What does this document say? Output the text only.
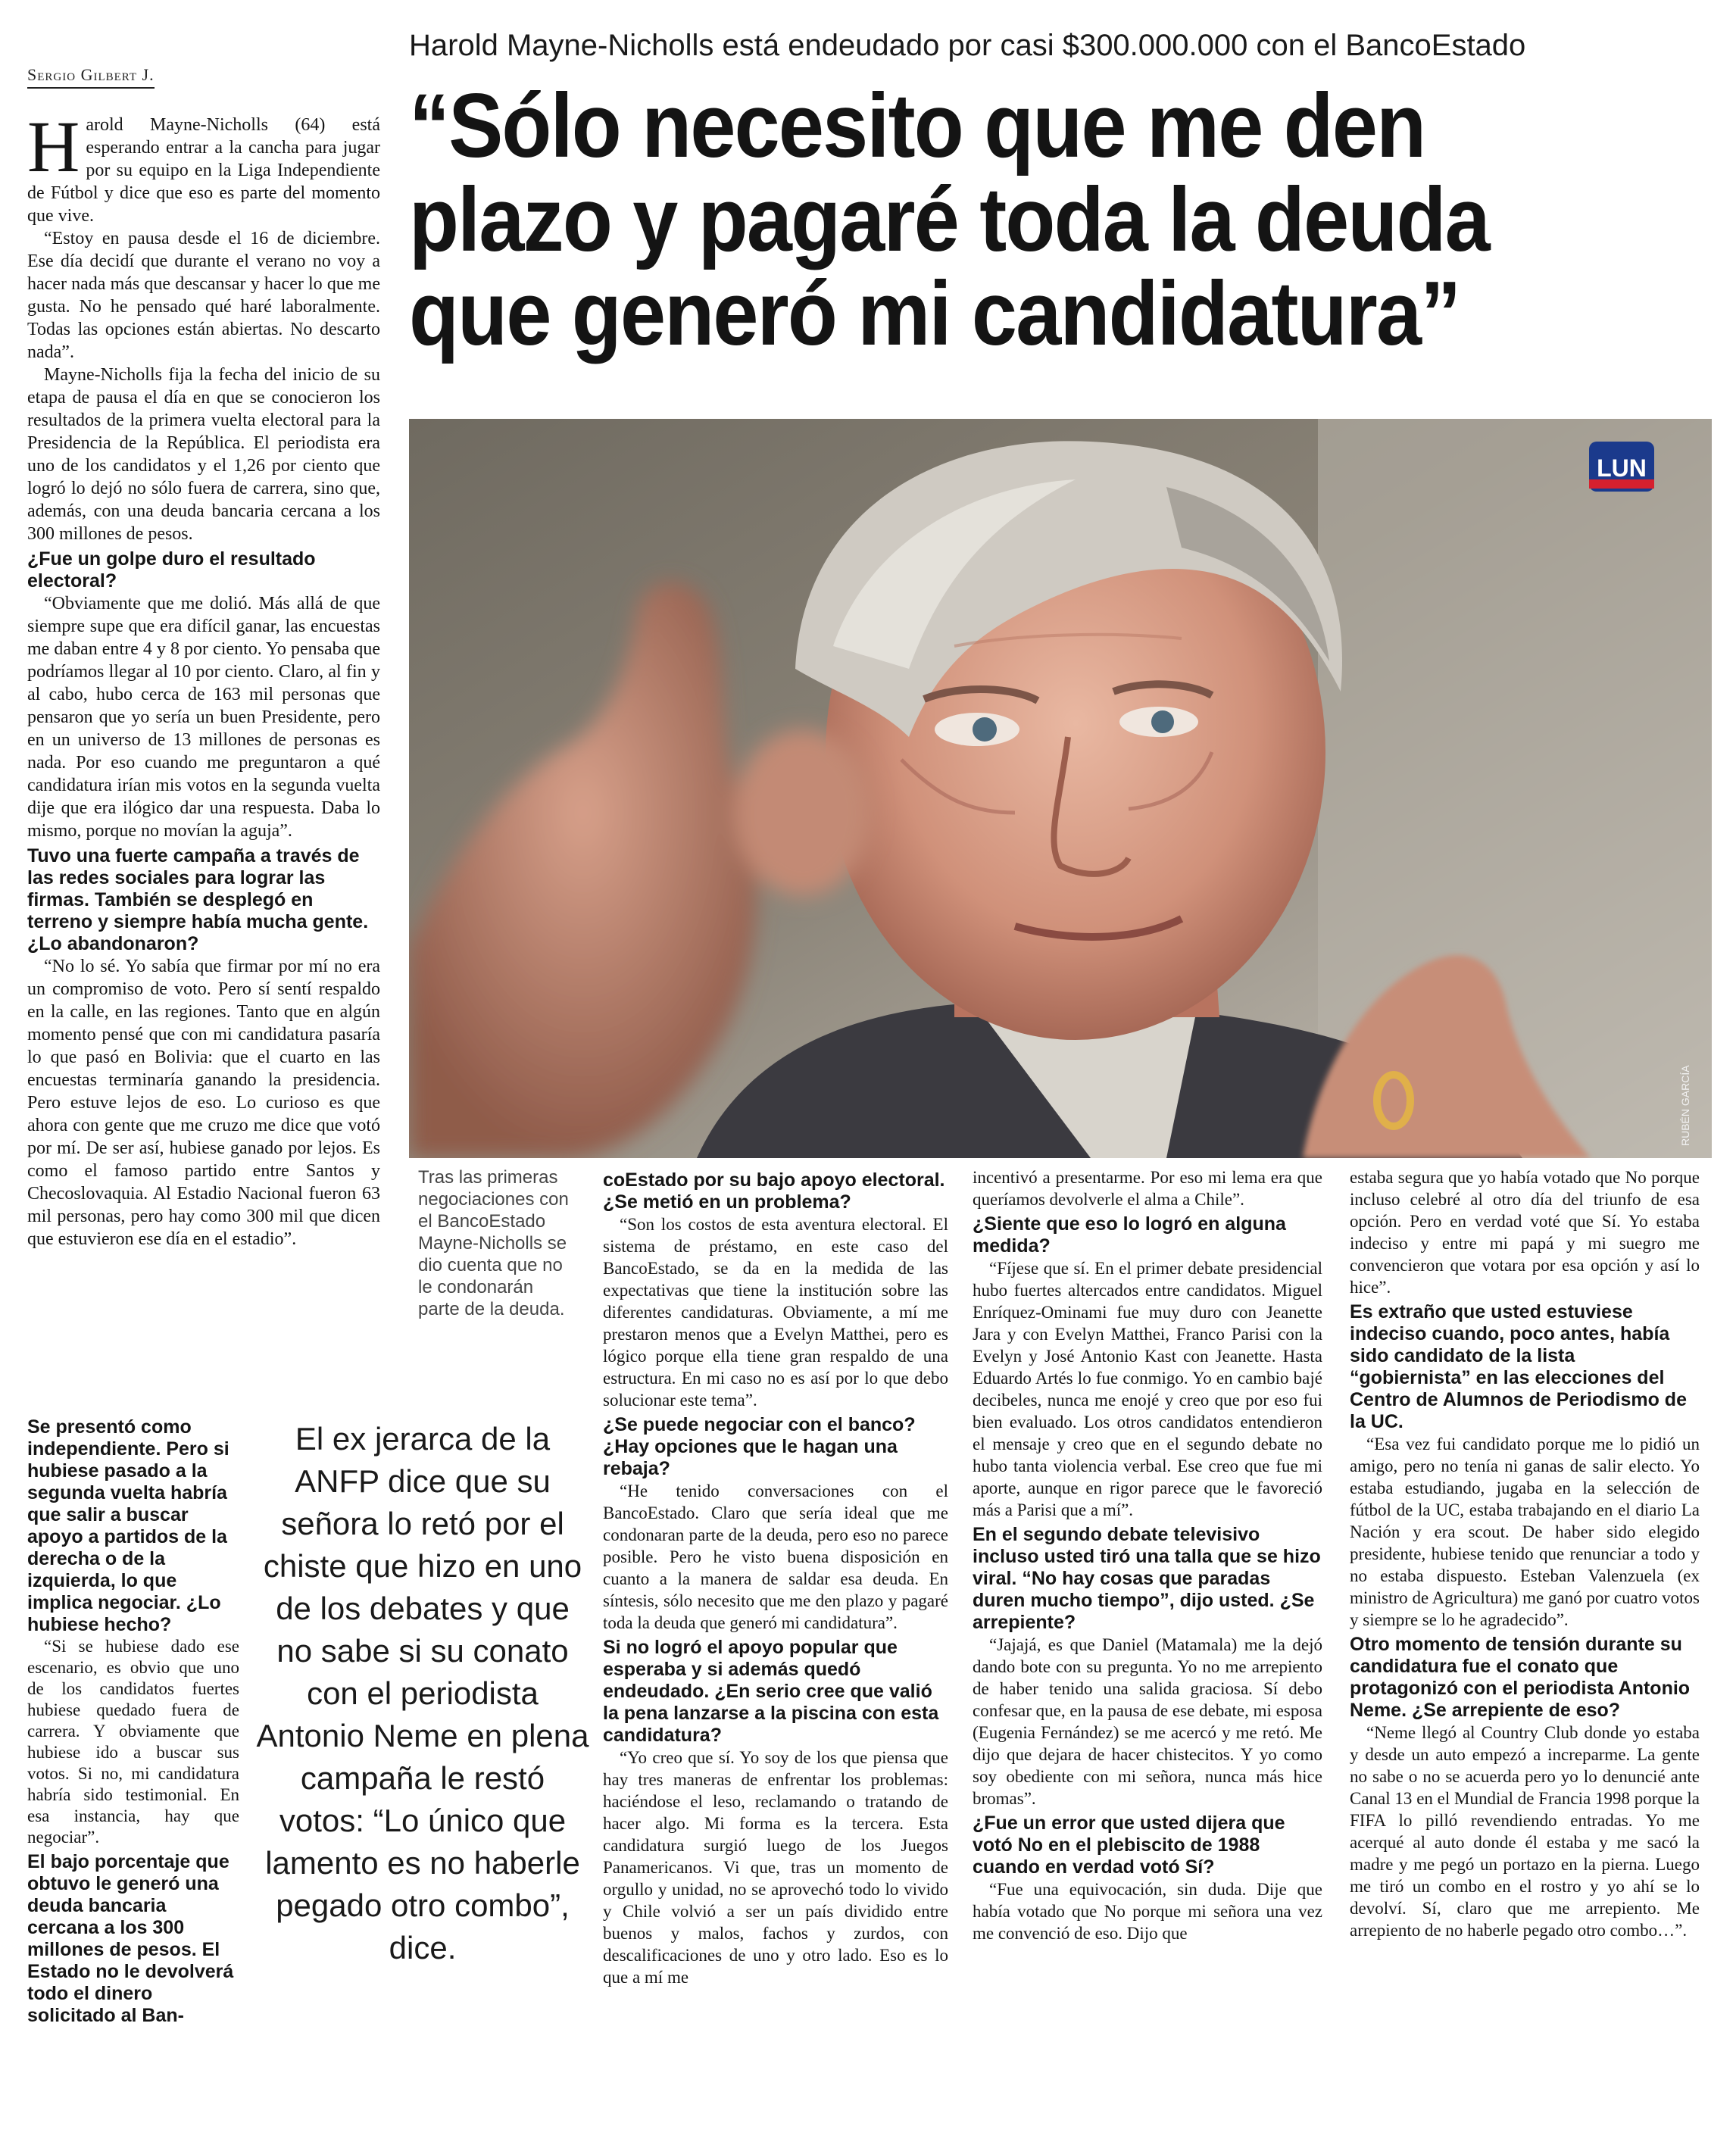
Sergio Gilbert J.
Harold Mayne-Nicholls está endeudado por casi $300.000.000 con el BancoEstado
“Sólo necesito que me den
plazo y pagaré toda la deuda
que generó mi candidatura”
LUN
RUBÉN GARCÍA

Harold Mayne-Nicholls (64) está esperando entrar a la cancha para jugar por su equipo en la Liga Independiente de Fútbol y dice que eso es parte del momento que vive.

“Estoy en pausa desde el 16 de diciembre. Ese día decidí que durante el verano no voy a hacer nada más que descansar y hacer lo que me gusta. No he pensado qué haré laboralmente. Todas las opciones están abiertas. No descarto nada”.

Mayne-Nicholls fija la fecha del inicio de su etapa de pausa el día en que se conocieron los resultados de la primera vuelta electoral para la Presidencia de la República. El periodista era uno de los candidatos y el 1,26 por ciento que logró lo dejó no sólo fuera de carrera, sino que, además, con una deuda bancaria cercana a los 300 millones de pesos.

¿Fue un golpe duro el resultado electoral?

“Obviamente que me dolió. Más allá de que siempre supe que era difícil ganar, las encuestas me daban entre 4 y 8 por ciento. Yo pensaba que podríamos llegar al 10 por ciento. Claro, al fin y al cabo, hubo cerca de 163 mil personas que pensaron que yo sería un buen Presidente, pero en un universo de 13 millones de personas es nada. Por eso cuando me preguntaron a qué candidatura irían mis votos en la segunda vuelta dije que era ilógico dar una respuesta. Daba lo mismo, porque no movían la aguja”.

Tuvo una fuerte campaña a través de las redes sociales para lograr las firmas. También se desplegó en terreno y siempre había mucha gente. ¿Lo abandonaron?

“No lo sé. Yo sabía que firmar por mí no era un compromiso de voto. Pero sí sentí respaldo en la calle, en las regiones. Tanto que en algún momento pensé que con mi candidatura pasaría lo que pasó en Bolivia: que el cuarto en las encuestas terminaría ganando la presidencia. Pero estuve lejos de eso. Lo curioso es que ahora con gente que me cruzo me dice que votó por mí. De ser así, hubiese ganado por lejos. Es como el famoso partido entre Santos y Checoslovaquia. Al Estadio Nacional fueron 63 mil personas, pero hay como 300 mil que dicen que estuvieron ese día en el estadio”.

Se presentó como independiente. Pero si hubiese pasado a la segunda vuelta habría que salir a buscar apoyo a partidos de la derecha o de la izquierda, lo que implica negociar. ¿Lo hubiese hecho?

“Si se hubiese dado ese escenario, es obvio que uno de los candidatos fuertes hubiese quedado fuera de carrera. Y obviamente que hubiese ido a buscar sus votos. Si no, mi candidatura habría sido testimonial. En esa instancia, hay que negociar”.

El bajo porcentaje que obtuvo le generó una deuda bancaria cercana a los 300 millones de pesos. El Estado no le devolverá todo el dinero solicitado al Ban-

Tras las primeras negociaciones con el BancoEstado Mayne-Nicholls se dio cuenta que no le condonarán parte de la deuda.
El ex jerarca de la ANFP dice que su señora lo retó por el chiste que hizo en uno de los debates y que no sabe si su conato con el periodista Antonio Neme en plena campaña le restó votos: “Lo único que lamento es no haberle pegado otro combo”, dice.

coEstado por su bajo apoyo electoral. ¿Se metió en un problema?

“Son los costos de esta aventura electoral. El sistema de préstamo, en este caso del BancoEstado, se da en la medida de las expectativas que tiene la institución sobre las diferentes candidaturas. Obviamente, a mí me prestaron menos que a Evelyn Matthei, pero es lógico porque ella tiene gran respaldo de una estructura. En mi caso no es así por lo que debo solucionar este tema”.

¿Se puede negociar con el banco? ¿Hay opciones que le hagan una rebaja?

“He tenido conversaciones con el BancoEstado. Claro que sería ideal que me condonaran parte de la deuda, pero eso no parece posible. Pero he visto buena disposición en cuanto a la manera de saldar esa deuda. En síntesis, sólo necesito que me den plazo y pagaré toda la deuda que generó mi candidatura”.

Si no logró el apoyo popular que esperaba y si además quedó endeudado. ¿En serio cree que valió la pena lanzarse a la piscina con esta candidatura?

“Yo creo que sí. Yo soy de los que piensa que hay tres maneras de enfrentar los problemas: haciéndose el leso, reclamando o tratando de hacer algo. Mi forma es la tercera. Esta candidatura surgió luego de los Juegos Panamericanos. Vi que, tras un momento de orgullo y unidad, no se aprovechó todo lo vivido y Chile volvió a ser un país dividido entre buenos y malos, fachos y zurdos, con descalificaciones de uno y otro lado. Eso es lo que a mí me

incentivó a presentarme. Por eso mi lema era que queríamos devolverle el alma a Chile”.

¿Siente que eso lo logró en alguna medida?

“Fíjese que sí. En el primer debate presidencial hubo fuertes altercados entre candidatos. Miguel Enríquez-Ominami fue muy duro con Jeanette Jara y con Evelyn Matthei, Franco Parisi con la Evelyn y José Antonio Kast con Jeanette. Hasta Eduardo Artés lo fue conmigo. Yo en cambio bajé decibeles, nunca me enojé y creo que por eso fui bien evaluado. Los otros candidatos entendieron el mensaje y creo que en el segundo debate no hubo tanta violencia verbal. Ese creo que fue mi aporte, aunque en rigor parece que le favoreció más a Parisi que a mí”.

En el segundo debate televisivo incluso usted tiró una talla que se hizo viral. “No hay cosas que paradas duren mucho tiempo”, dijo usted. ¿Se arrepiente?

“Jajajá, es que Daniel (Matamala) me la dejó dando bote con su pregunta. Yo no me arrepiento de haber tenido una salida graciosa. Sí debo confesar que, en la pausa de ese debate, mi esposa (Eugenia Fernández) se me acercó y me retó. Me dijo que dejara de hacer chistecitos. Y yo como soy obediente con mi señora, nunca más hice bromas”.

¿Fue un error que usted dijera que votó No en el plebiscito de 1988 cuando en verdad votó Sí?

“Fue una equivocación, sin duda. Dije que había votado que No porque mi señora una vez me convenció de eso. Dijo que

estaba segura que yo había votado que No porque incluso celebré al otro día del triunfo de esa opción. Pero en verdad voté que Sí. Yo estaba indeciso y entre mi papá y mi suegro me convencieron que votara por esa opción y así lo hice”.

Es extraño que usted estuviese indeciso cuando, poco antes, había sido candidato de la lista “gobiernista” en las elecciones del Centro de Alumnos de Periodismo de la UC.

“Esa vez fui candidato porque me lo pidió un amigo, pero no tenía ni ganas de salir electo. Yo estaba estudiando, jugaba en la selección de fútbol de la UC, estaba trabajando en el diario La Nación y era scout. De haber sido elegido presidente, hubiese tenido que renunciar a todo y no estaba dispuesto. Esteban Valenzuela (ex ministro de Agricultura) me ganó por cuatro votos y siempre se lo he agradecido”.

Otro momento de tensión durante su candidatura fue el conato que protagonizó con el periodista Antonio Neme. ¿Se arrepiente de eso?

“Neme llegó al Country Club donde yo estaba y desde un auto empezó a increparme. La gente no sabe o no se acuerda pero yo lo denuncié ante Canal 13 en el Mundial de Francia 1998 porque la FIFA lo pilló revendiendo entradas. Yo me acerqué al auto donde él estaba y me sacó la madre y me pegó un portazo en la pierna. Luego me tiró un combo en el rostro y yo ahí se lo devolví. Sí, claro que me arrepiento. Me arrepiento de no haberle pegado otro combo…”.
